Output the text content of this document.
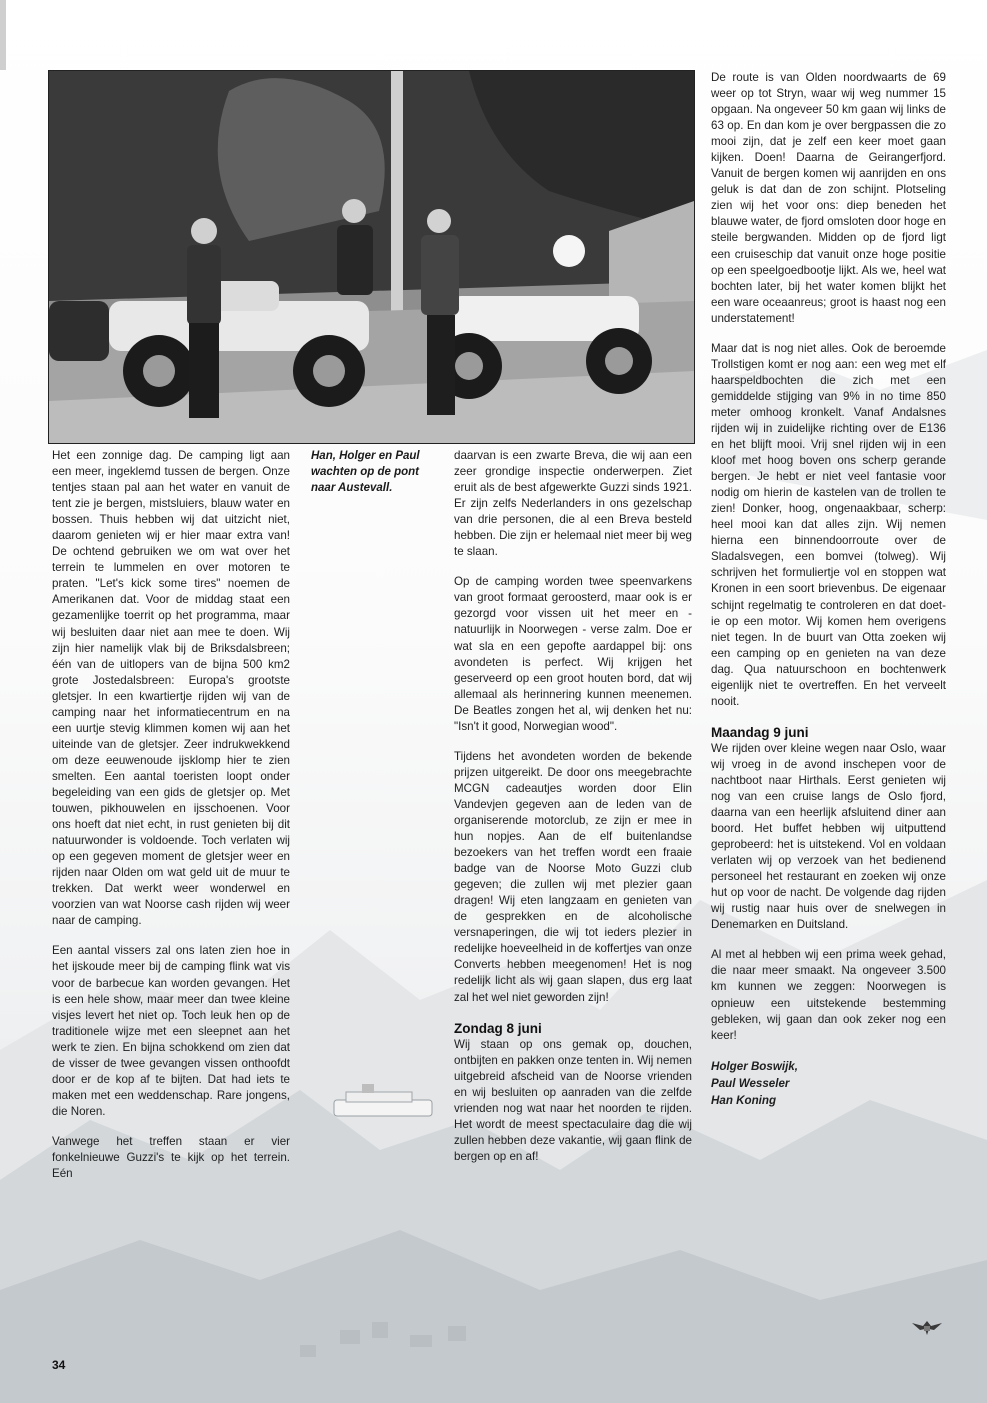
Han, Holger en Paul wachten op de pont naar Austevall.

Het een zonnige dag. De camping ligt aan een meer, ingeklemd tussen de bergen. Onze tentjes staan pal aan het water en vanuit de tent zie je bergen, mistsluiers, blauw water en bossen. Thuis hebben wij dat uitzicht niet, daarom genieten wij er hier maar extra van! De ochtend gebruiken we om wat over het terrein te lummelen en over motoren te praten. "Let's kick some tires" noemen de Amerikanen dat. Voor de middag staat een gezamenlijke toerrit op het programma, maar wij besluiten daar niet aan mee te doen. Wij zijn hier namelijk vlak bij de Briksdalsbreen; één van de uitlopers van de bijna 500 km2 grote Jostedalsbreen: Europa's grootste gletsjer. In een kwartiertje rijden wij van de camping naar het informatiecentrum en na een uurtje stevig klimmen komen wij aan het uiteinde van de gletsjer. Zeer indrukwekkend om deze eeuwenoude ijsklomp hier te zien smelten. Een aantal toeristen loopt onder begeleiding van een gids de gletsjer op. Met touwen, pikhouwelen en ijsschoenen. Voor ons hoeft dat niet echt, in rust genieten bij dit natuurwonder is voldoende. Toch verlaten wij op een gegeven moment de gletsjer weer en rijden naar Olden om wat geld uit de muur te trekken. Dat werkt weer wonderwel en voorzien van wat Noorse cash rijden wij weer naar de camping.

Een aantal vissers zal ons laten zien hoe in het ijskoude meer bij de camping flink wat vis voor de barbecue kan worden gevangen. Het is een hele show, maar meer dan twee kleine visjes levert het niet op. Toch leuk hen op de traditionele wijze met een sleepnet aan het werk te zien. En bijna schokkend om zien dat de visser de twee gevangen vissen onthoofdt door er de kop af te bijten. Dat had iets te maken met een weddenschap. Rare jongens, die Noren.

Vanwege het treffen staan er vier fonkelnieuwe Guzzi's te kijk op het terrein. Eén

daarvan is een zwarte Breva, die wij aan een zeer grondige inspectie onderwerpen. Ziet eruit als de best afgewerkte Guzzi sinds 1921. Er zijn zelfs Nederlanders in ons gezelschap van drie personen, die al een Breva besteld hebben. Die zijn er helemaal niet meer bij weg te slaan.

Op de camping worden twee speenvarkens van groot formaat geroosterd, maar ook is er gezorgd voor vissen uit het meer en - natuurlijk in Noorwegen - verse zalm. Doe er wat sla en een gepofte aardappel bij: ons avondeten is perfect. Wij krijgen het geserveerd op een groot houten bord, dat wij allemaal als herinnering kunnen meenemen. De Beatles zongen het al, wij denken het nu: "Isn't it good, Norwegian wood".

Tijdens het avondeten worden de bekende prijzen uitgereikt. De door ons meegebrachte MCGN cadeautjes worden door Elin Vandevjen gegeven aan de leden van de organiserende motorclub, ze zijn er mee in hun nopjes. Aan de elf buitenlandse bezoekers van het treffen wordt een fraaie badge van de Noorse Moto Guzzi club gegeven; die zullen wij met plezier gaan dragen! Wij eten langzaam en genieten van de gesprekken en de alcoholische versnaperingen, die wij tot ieders plezier in redelijke hoeveelheid in de koffertjes van onze Converts hebben meegenomen! Het is nog redelijk licht als wij gaan slapen, dus erg laat zal het wel niet geworden zijn!

Zondag 8 juni

Wij staan op ons gemak op, douchen, ontbijten en pakken onze tenten in. Wij nemen uitgebreid afscheid van de Noorse vrienden en wij besluiten op aanraden van die zelfde vrienden nog wat naar het noorden te rijden. Het wordt de meest spectaculaire dag die wij zullen hebben deze vakantie, wij gaan flink de bergen op en af!

De route is van Olden noordwaarts de 69 weer op tot Stryn, waar wij weg nummer 15 opgaan. Na ongeveer 50 km gaan wij links de 63 op. En dan kom je over bergpassen die zo mooi zijn, dat je zelf een keer moet gaan kijken. Doen! Daarna de Geirangerfjord. Vanuit de bergen komen wij aanrijden en ons geluk is dat dan de zon schijnt. Plotseling zien wij het voor ons: diep beneden het blauwe water, de fjord omsloten door hoge en steile bergwanden. Midden op de fjord ligt een cruiseschip dat vanuit onze hoge positie op een speelgoedbootje lijkt. Als we, heel wat bochten later, bij het water komen blijkt het een ware oceaanreus; groot is haast nog een understatement!

Maar dat is nog niet alles. Ook de beroemde Trollstigen komt er nog aan: een weg met elf haarspeldbochten die zich met een gemiddelde stijging van 9% in no time 850 meter omhoog kronkelt. Vanaf Andalsnes rijden wij in zuidelijke richting over de E136 en het blijft mooi. Vrij snel rijden wij in een kloof met hoog boven ons scherp gerande bergen. Je hebt er niet veel fantasie voor nodig om hierin de kastelen van de trollen te zien! Donker, hoog, ongenaakbaar, scherp: heel mooi kan dat alles zijn. Wij nemen hierna een binnendoorroute over de Sladalsvegen, een bomvei (tolweg). Wij schrijven het formuliertje vol en stoppen wat Kronen in een soort brievenbus. De eigenaar schijnt regelmatig te controleren en dat doet-ie op een motor. Wij komen hem overigens niet tegen. In de buurt van Otta zoeken wij een camping op en genieten na van deze dag. Qua natuurschoon en bochtenwerk eigenlijk niet te overtreffen. En het verveelt nooit.

Maandag 9 juni

We rijden over kleine wegen naar Oslo, waar wij vroeg in de avond inschepen voor de nachtboot naar Hirthals. Eerst genieten wij nog van een cruise langs de Oslo fjord, daarna van een heerlijk afsluitend diner aan boord. Het buffet hebben wij uitputtend geprobeerd: het is uitstekend. Vol en voldaan verlaten wij op verzoek van het bedienend personeel het restaurant en zoeken wij onze hut op voor de nacht. De volgende dag rijden wij rustig naar huis over de snelwegen in Denemarken en Duitsland.

Al met al hebben wij een prima week gehad, die naar meer smaakt. Na ongeveer 3.500 km kunnen we zeggen: Noorwegen is opnieuw een uitstekende bestemming gebleken, wij gaan dan ook zeker nog een keer!

Holger Boswijk,
Paul Wesseler
Han Koning
34
